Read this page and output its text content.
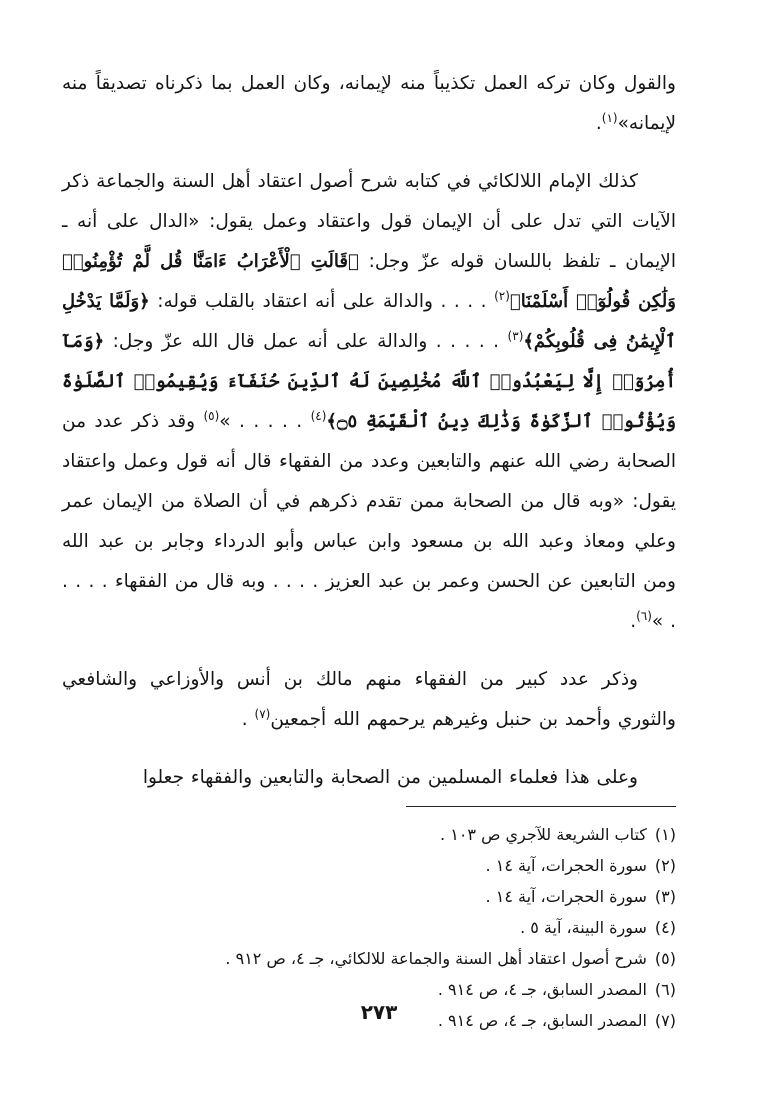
والقول وكان تركه العمل تكذيباً منه لإيمانه، وكان العمل بما ذكرناه تصديقاً منه لإيمانه»$^{(١)}$.

كذلك الإمام اللالكائي في كتابه شرح أصول اعتقاد أهل السنة والجماعة ذكر الآيات التي تدل على أن الإيمان قول واعتقاد وعمل يقول: «الدال على أنه ـ الإيمان ـ تلفظ باللسان قوله عزّ وجل: ﴿قَالَتِ ٱلْأَعْرَابُ ءَامَنَّا قُل لَّمْ تُؤْمِنُوا۟ وَلَٰكِن قُولُوٓا۟ أَسْلَمْنَا﴾$^{(٢)}$ . . . . والدالة على أنه اعتقاد بالقلب قوله: ﴿وَلَمَّا يَدْخُلِ ٱلْإِيمَٰنُ فِى قُلُوبِكُمْ﴾$^{(٣)}$ . . . . . والدالة على أنه عمل قال الله عزّ وجل: ﴿وَمَآ أُمِرُوٓا۟ إِلَّا لِيَعْبُدُوا۟ ٱللَّهَ مُخْلِصِينَ لَهُ ٱلدِّينَ حُنَفَآءَ وَيُقِيمُوا۟ ٱلصَّلَوٰةَ وَيُؤْتُوا۟ ٱلزَّكَوٰةَ وَذَٰلِكَ دِينُ ٱلْقَيِّمَةِ ۝٥﴾$^{(٤)}$ . . . . . »$^{(٥)}$ وقد ذكر عدد من الصحابة رضي الله عنهم والتابعين وعدد من الفقهاء قال أنه قول وعمل واعتقاد يقول: «وبه قال من الصحابة ممن تقدم ذكرهم في أن الصلاة من الإيمان عمر وعلي ومعاذ وعبد الله بن مسعود وابن عباس وأبو الدرداء وجابر بن عبد الله ومن التابعين عن الحسن وعمر بن عبد العزيز . . . . وبه قال من الفقهاء . . . . . »$^{(٦)}$.

وذكر عدد كبير من الفقهاء منهم مالك بن أنس والأوزاعي والشافعي والثوري وأحمد بن حنبل وغيرهم يرحمهم الله أجمعين$^{(٧)}$ .

وعلى هذا فعلماء المسلمين من الصحابة والتابعين والفقهاء جعلوا

(١)كتاب الشريعة للآجري ص ١٠٣ .
(٢)سورة الحجرات، آية ١٤ .
(٣)سورة الحجرات، آية ١٤ .
(٤)سورة البينة، آية ٥ .
(٥)شرح أصول اعتقاد أهل السنة والجماعة للالكائي، جـ ٤، ص ٩١٢ .
(٦)المصدر السابق، جـ ٤، ص ٩١٤ .
(٧)المصدر السابق، جـ ٤، ص ٩١٤ .
٢٧٣
